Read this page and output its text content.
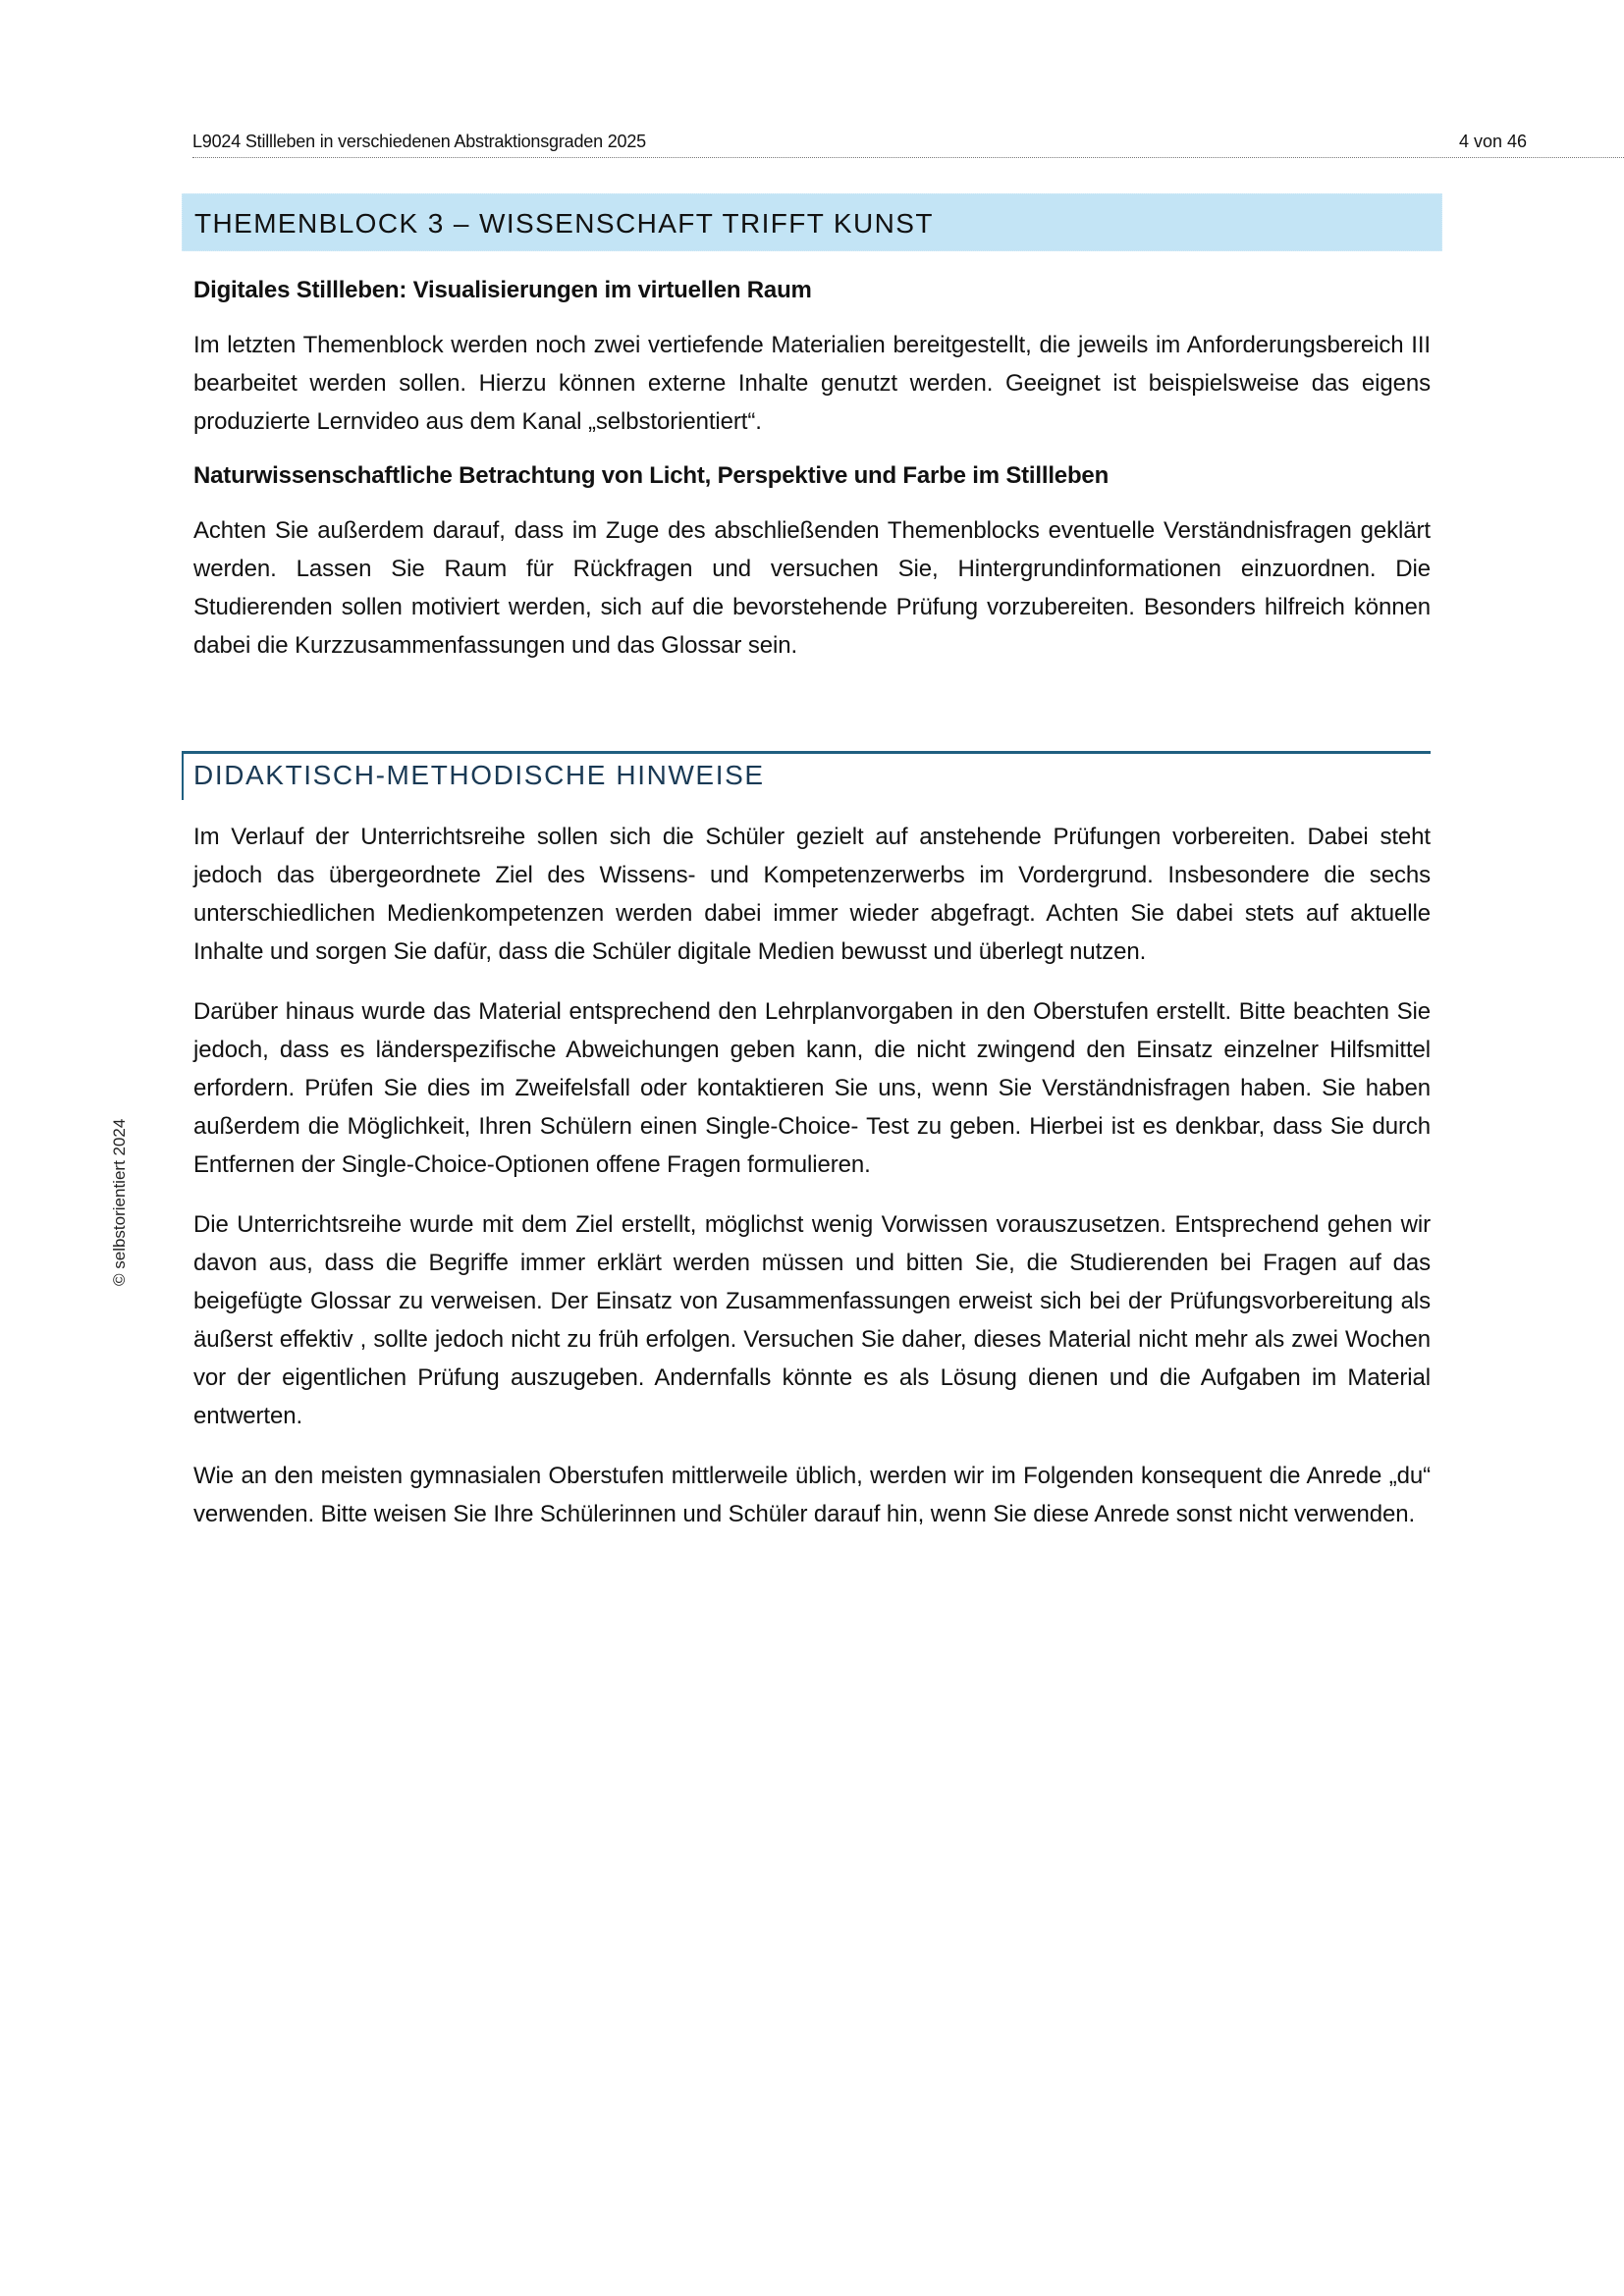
L9024 Stillleben in verschiedenen Abstraktionsgraden 2025	4 von 46
© selbstorientiert 2024
THEMENBLOCK 3 – WISSENSCHAFT TRIFFT KUNST
Digitales Stillleben: Visualisierungen im virtuellen Raum

Im letzten Themenblock werden noch zwei vertiefende Materialien bereitgestellt, die jeweils im Anforderungsbereich III bearbeitet werden sollen. Hierzu können externe Inhalte genutzt werden. Geeignet ist beispielsweise das eigens produzierte Lernvideo aus dem Kanal „selbstorientiert“.

Naturwissenschaftliche Betrachtung von Licht, Perspektive und Farbe im Stillleben

Achten Sie außerdem darauf, dass im Zuge des abschließenden Themenblocks eventuelle Verständnisfragen geklärt werden. Lassen Sie Raum für Rückfragen und versuchen Sie, Hintergrundinformationen einzuordnen. Die Studierenden sollen motiviert werden, sich auf die bevorstehende Prüfung vorzubereiten. Besonders hilfreich können dabei die Kurzzusammenfassungen und das Glossar sein.

DIDAKTISCH-METHODISCHE HINWEISE

Im Verlauf der Unterrichtsreihe sollen sich die Schüler gezielt auf anstehende Prüfungen vorbereiten. Dabei steht jedoch das übergeordnete Ziel des Wissens- und Kompetenzerwerbs im Vordergrund. Insbesondere die sechs unterschiedlichen Medienkompetenzen werden dabei immer wieder abgefragt. Achten Sie dabei stets auf aktuelle Inhalte und sorgen Sie dafür, dass die Schüler digitale Medien bewusst und überlegt nutzen.

Darüber hinaus wurde das Material entsprechend den Lehrplanvorgaben in den Oberstufen erstellt. Bitte beachten Sie jedoch, dass es länderspezifische Abweichungen geben kann, die nicht zwingend den Einsatz einzelner Hilfsmittel erfordern. Prüfen Sie dies im Zweifelsfall oder kontaktieren Sie uns, wenn Sie Verständnisfragen haben. Sie haben außerdem die Möglichkeit, Ihren Schülern einen Single-Choice- Test zu geben. Hierbei ist es denkbar, dass Sie durch Entfernen der Single-Choice-Optionen offene Fragen formulieren.

Die Unterrichtsreihe wurde mit dem Ziel erstellt, möglichst wenig Vorwissen vorauszusetzen. Entsprechend gehen wir davon aus, dass die Begriffe immer erklärt werden müssen und bitten Sie, die Studierenden bei Fragen auf das beigefügte Glossar zu verweisen. Der Einsatz von Zusammenfassungen erweist sich bei der Prüfungsvorbereitung als äußerst effektiv , sollte jedoch nicht zu früh erfolgen. Versuchen Sie daher, dieses Material nicht mehr als zwei Wochen vor der eigentlichen Prüfung auszugeben. Andernfalls könnte es als Lösung dienen und die Aufgaben im Material entwerten.

Wie an den meisten gymnasialen Oberstufen mittlerweile üblich, werden wir im Folgenden konsequent die Anrede „du“ verwenden. Bitte weisen Sie Ihre Schülerinnen und Schüler darauf hin, wenn Sie diese Anrede sonst nicht verwenden.
